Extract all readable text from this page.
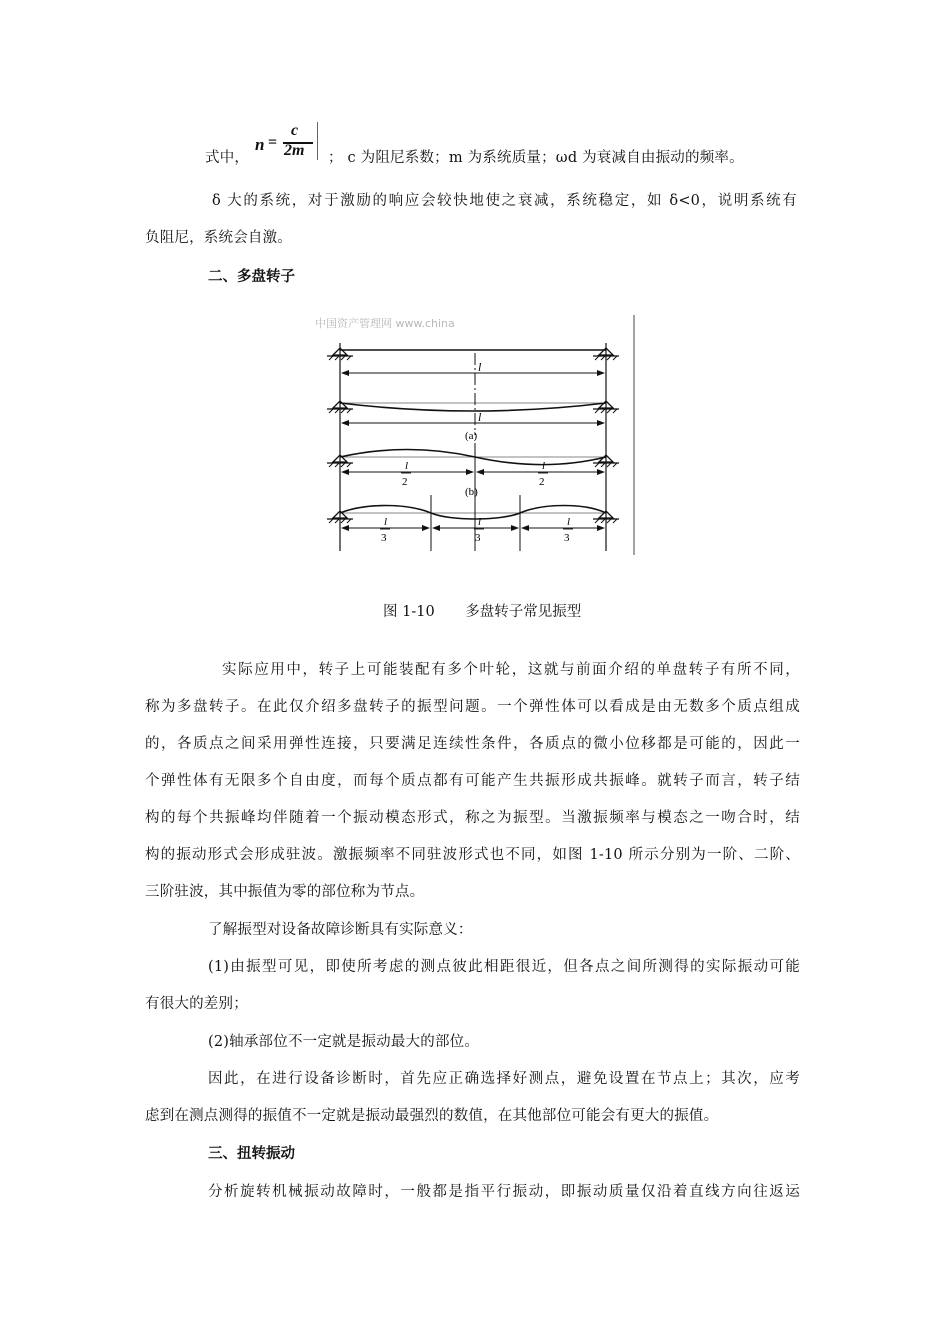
式中，
n =
c
2m ； c 为阻尼系数；m 为系统质量；ωd 为衰减自由振动的频率。
δ 大的系统，对于激励的响应会较快地使之衰减，系统稳定，如 δ<0，说明系统有
负阻尼，系统会自激。
二、多盘转子
中国资产管理网 www.china
l
l
(a)
l
2
l
2
(b)
l
3
l
3
l
3
图 1-10 多盘转子常见振型
实际应用中，转子上可能装配有多个叶轮，这就与前面介绍的单盘转子有所不同，
称为多盘转子。在此仅介绍多盘转子的振型问题。一个弹性体可以看成是由无数多个质点组成
的，各质点之间采用弹性连接，只要满足连续性条件，各质点的微小位移都是可能的，因此一
个弹性体有无限多个自由度，而每个质点都有可能产生共振形成共振峰。就转子而言，转子结
构的每个共振峰均伴随着一个振动模态形式，称之为振型。当激振频率与模态之一吻合时，结
构的振动形式会形成驻波。激振频率不同驻波形式也不同，如图 1-10 所示分别为一阶、二阶、
三阶驻波，其中振值为零的部位称为节点。
了解振型对设备故障诊断具有实际意义：
(1)由振型可见，即使所考虑的测点彼此相距很近，但各点之间所测得的实际振动可能
有很大的差别；
(2)轴承部位不一定就是振动最大的部位。
因此，在进行设备诊断时，首先应正确选择好测点，避免设置在节点上；其次，应考
虑到在测点测得的振值不一定就是振动最强烈的数值，在其他部位可能会有更大的振值。
三、扭转振动
分析旋转机械振动故障时，一般都是指平行振动，即振动质量仅沿着直线方向往返运
